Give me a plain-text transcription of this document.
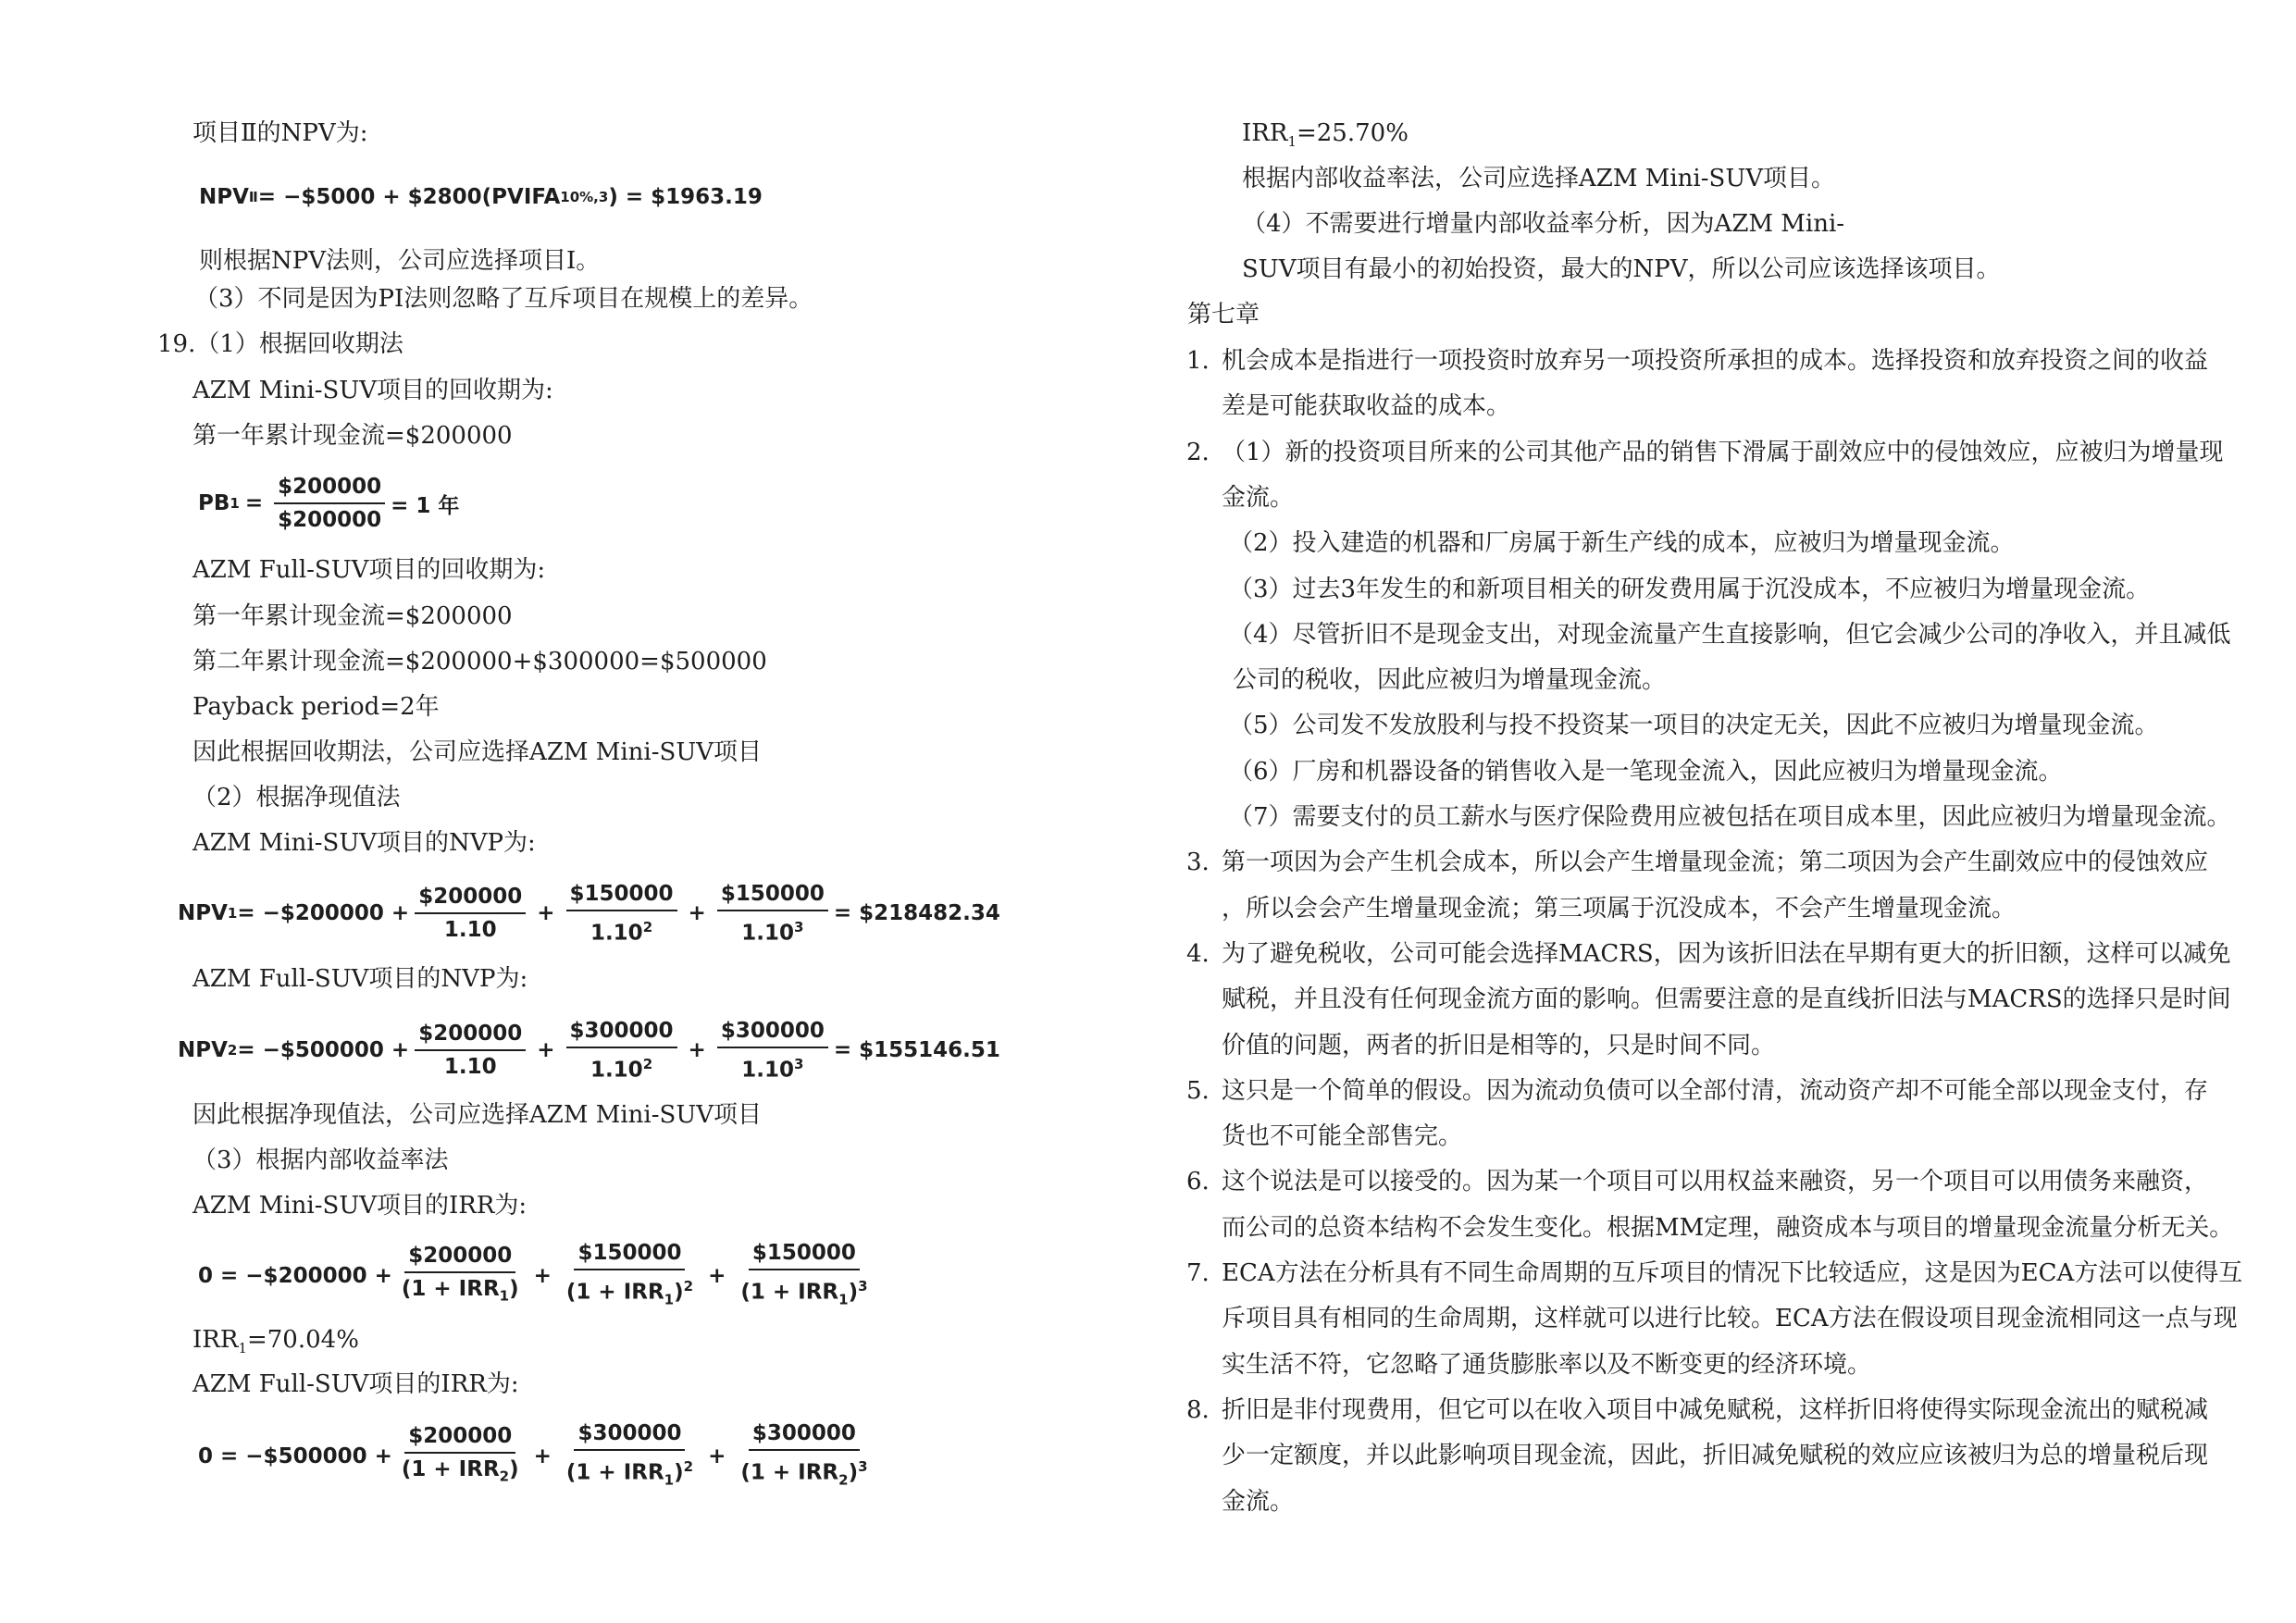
项目Ⅱ的NPV为:
NPV Ⅱ = −$5000 + $2800(PVIFA 10%,3 ) = $1963.19
则根据NPV法则，公司应选择项目Ⅰ。
（3）不同是因为PI法则忽略了互斥项目在规模上的差异。
19.（1）根据回收期法
AZM Mini-SUV项目的回收期为:
第一年累计现金流=$200000
PB $1 = \frac{\$200000}{\$200000} = 1$ 年
AZM Full-SUV项目的回收期为:
第一年累计现金流=$200000
第二年累计现金流=$200000+$300000=$500000
Payback period=2年
因此根据回收期法，公司应选择AZM Mini-SUV项目
（2）根据净现值法
AZM Mini-SUV项目的NVP为:
NPV 1 = −$200000 + $\frac{\$200000}{1.10} + \frac{\$150000}{1.10^2} + \frac{\$150000}{1.10^3}$ = $218482.34
AZM Full-SUV项目的NVP为:
NPV 2 = −$500000 + $\frac{\$200000}{1.10} + \frac{\$300000}{1.10^2} + \frac{\$300000}{1.10^3}$ = $155146.51
因此根据净现值法，公司应选择AZM Mini-SUV项目
（3）根据内部收益率法
AZM Mini-SUV项目的IRR为:
0 = −$200000 + $\frac{\$200000}{(1 + IRR_1)} + \frac{\$150000}{(1 + IRR_1)^2} + \frac{\$150000}{(1 + IRR_1)^3}$
$IRR_1=70.04\%$
AZM Full-SUV项目的IRR为:
0 = −$500000 + $\frac{\$200000}{(1 + IRR_2)} + \frac{\$300000}{(1 + IRR_1)^2} + \frac{\$300000}{(1 + IRR_2)^3}$
$IRR_1=25.70\%$
根据内部收益率法，公司应选择AZM Mini-SUV项目。
（4）不需要进行增量内部收益率分析，因为AZM Mini-
SUV项目有最小的初始投资，最大的NPV，所以公司应该选择该项目。
第七章
1. 机会成本是指进行一项投资时放弃另一项投资所承担的成本。选择投资和放弃投资之间的收益
差是可能获取收益的成本。
2. （1）新的投资项目所来的公司其他产品的销售下滑属于副效应中的侵蚀效应，应被归为增量现
金流。
（2）投入建造的机器和厂房属于新生产线的成本，应被归为增量现金流。
（3）过去3年发生的和新项目相关的研发费用属于沉没成本，不应被归为增量现金流。
（4）尽管折旧不是现金支出，对现金流量产生直接影响，但它会减少公司的净收入，并且减低
公司的税收，因此应被归为增量现金流。
（5）公司发不发放股利与投不投资某一项目的决定无关，因此不应被归为增量现金流。
（6）厂房和机器设备的销售收入是一笔现金流入，因此应被归为增量现金流。
（7）需要支付的员工薪水与医疗保险费用应被包括在项目成本里，因此应被归为增量现金流。
3. 第一项因为会产生机会成本，所以会产生增量现金流；第二项因为会产生副效应中的侵蚀效应
，所以会会产生增量现金流；第三项属于沉没成本，不会产生增量现金流。
4. 为了避免税收，公司可能会选择MACRS，因为该折旧法在早期有更大的折旧额，这样可以减免
赋税，并且没有任何现金流方面的影响。但需要注意的是直线折旧法与MACRS的选择只是时间
价值的问题，两者的折旧是相等的，只是时间不同。
5. 这只是一个简单的假设。因为流动负债可以全部付清，流动资产却不可能全部以现金支付，存
货也不可能全部售完。
6. 这个说法是可以接受的。因为某一个项目可以用权益来融资，另一个项目可以用债务来融资，
而公司的总资本结构不会发生变化。根据MM定理，融资成本与项目的增量现金流量分析无关。
7. ECA方法在分析具有不同生命周期的互斥项目的情况下比较适应，这是因为ECA方法可以使得互
斥项目具有相同的生命周期，这样就可以进行比较。ECA方法在假设项目现金流相同这一点与现
实生活不符，它忽略了通货膨胀率以及不断变更的经济环境。
8. 折旧是非付现费用，但它可以在收入项目中减免赋税，这样折旧将使得实际现金流出的赋税减
少一定额度，并以此影响项目现金流，因此，折旧减免赋税的效应应该被归为总的增量税后现
金流。
